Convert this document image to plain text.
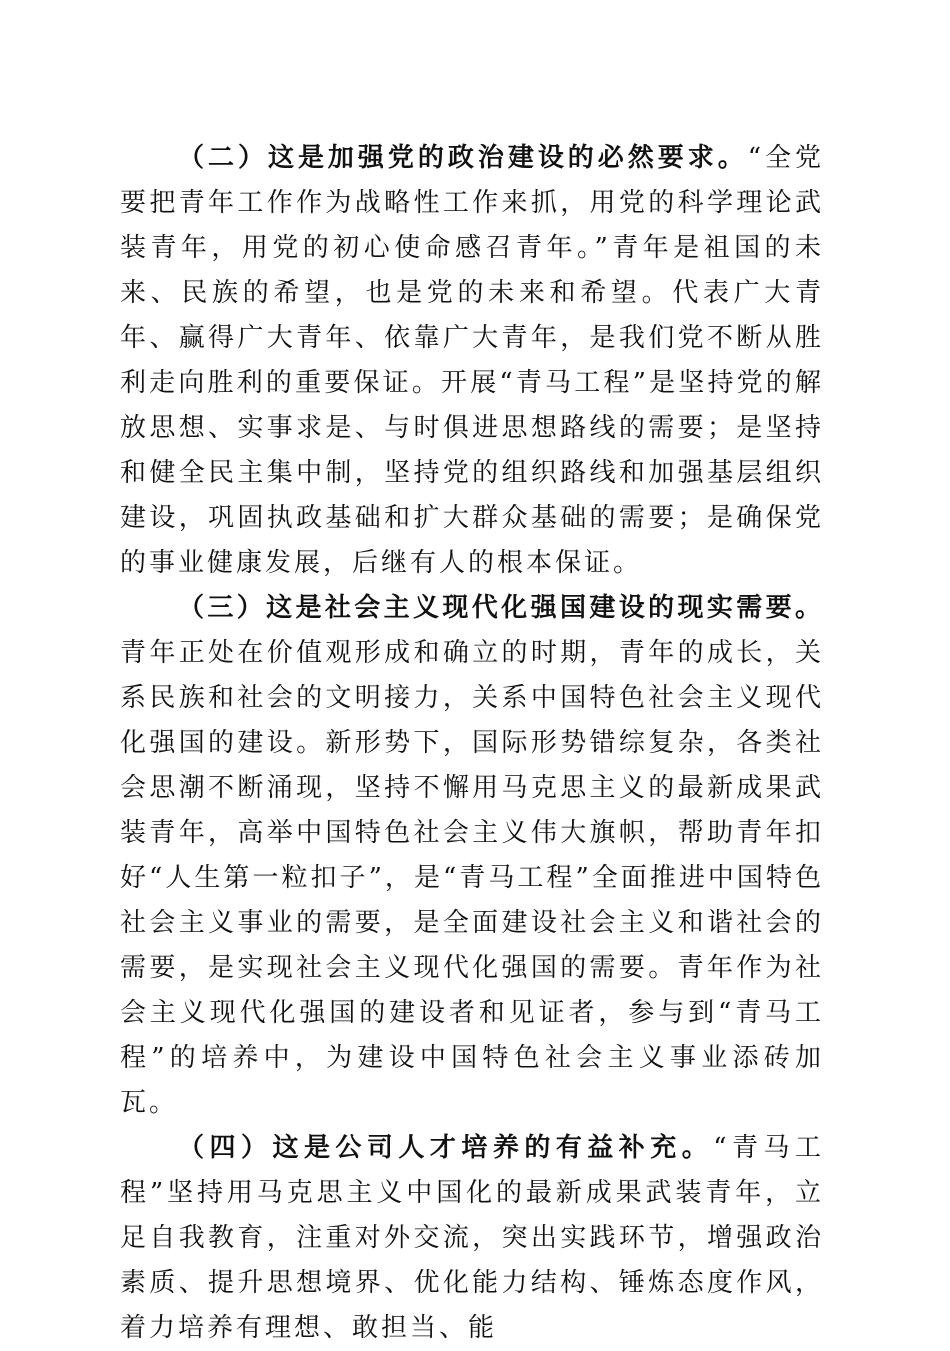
（二）这是加强党的政治建设的必然要求。“全党要把青年工作作为战略性工作来抓，用党的科学理论武装青年，用党的初心使命感召青年。”青年是祖国的未来、民族的希望，也是党的未来和希望。代表广大青年、赢得广大青年、依靠广大青年，是我们党不断从胜利走向胜利的重要保证。开展“青马工程”是坚持党的解放思想、实事求是、与时俱进思想路线的需要；是坚持和健全民主集中制，坚持党的组织路线和加强基层组织建设，巩固执政基础和扩大群众基础的需要；是确保党的事业健康发展，后继有人的根本保证。

（三）这是社会主义现代化强国建设的现实需要。青年正处在价值观形成和确立的时期，青年的成长，关系民族和社会的文明接力，关系中国特色社会主义现代化强国的建设。新形势下，国际形势错综复杂，各类社会思潮不断涌现，坚持不懈用马克思主义的最新成果武装青年，高举中国特色社会主义伟大旗帜，帮助青年扣好“人生第一粒扣子”，是“青马工程”全面推进中国特色社会主义事业的需要，是全面建设社会主义和谐社会的需要，是实现社会主义现代化强国的需要。青年作为社会主义现代化强国的建设者和见证者，参与到“青马工程”的培养中，为建设中国特色社会主义事业添砖加瓦。

（四）这是公司人才培养的有益补充。“青马工程”坚持用马克思主义中国化的最新成果武装青年，立足自我教育，注重对外交流，突出实践环节，增强政治素质、提升思想境界、优化能力结构、锤炼态度作风，着力培养有理想、敢担当、能
